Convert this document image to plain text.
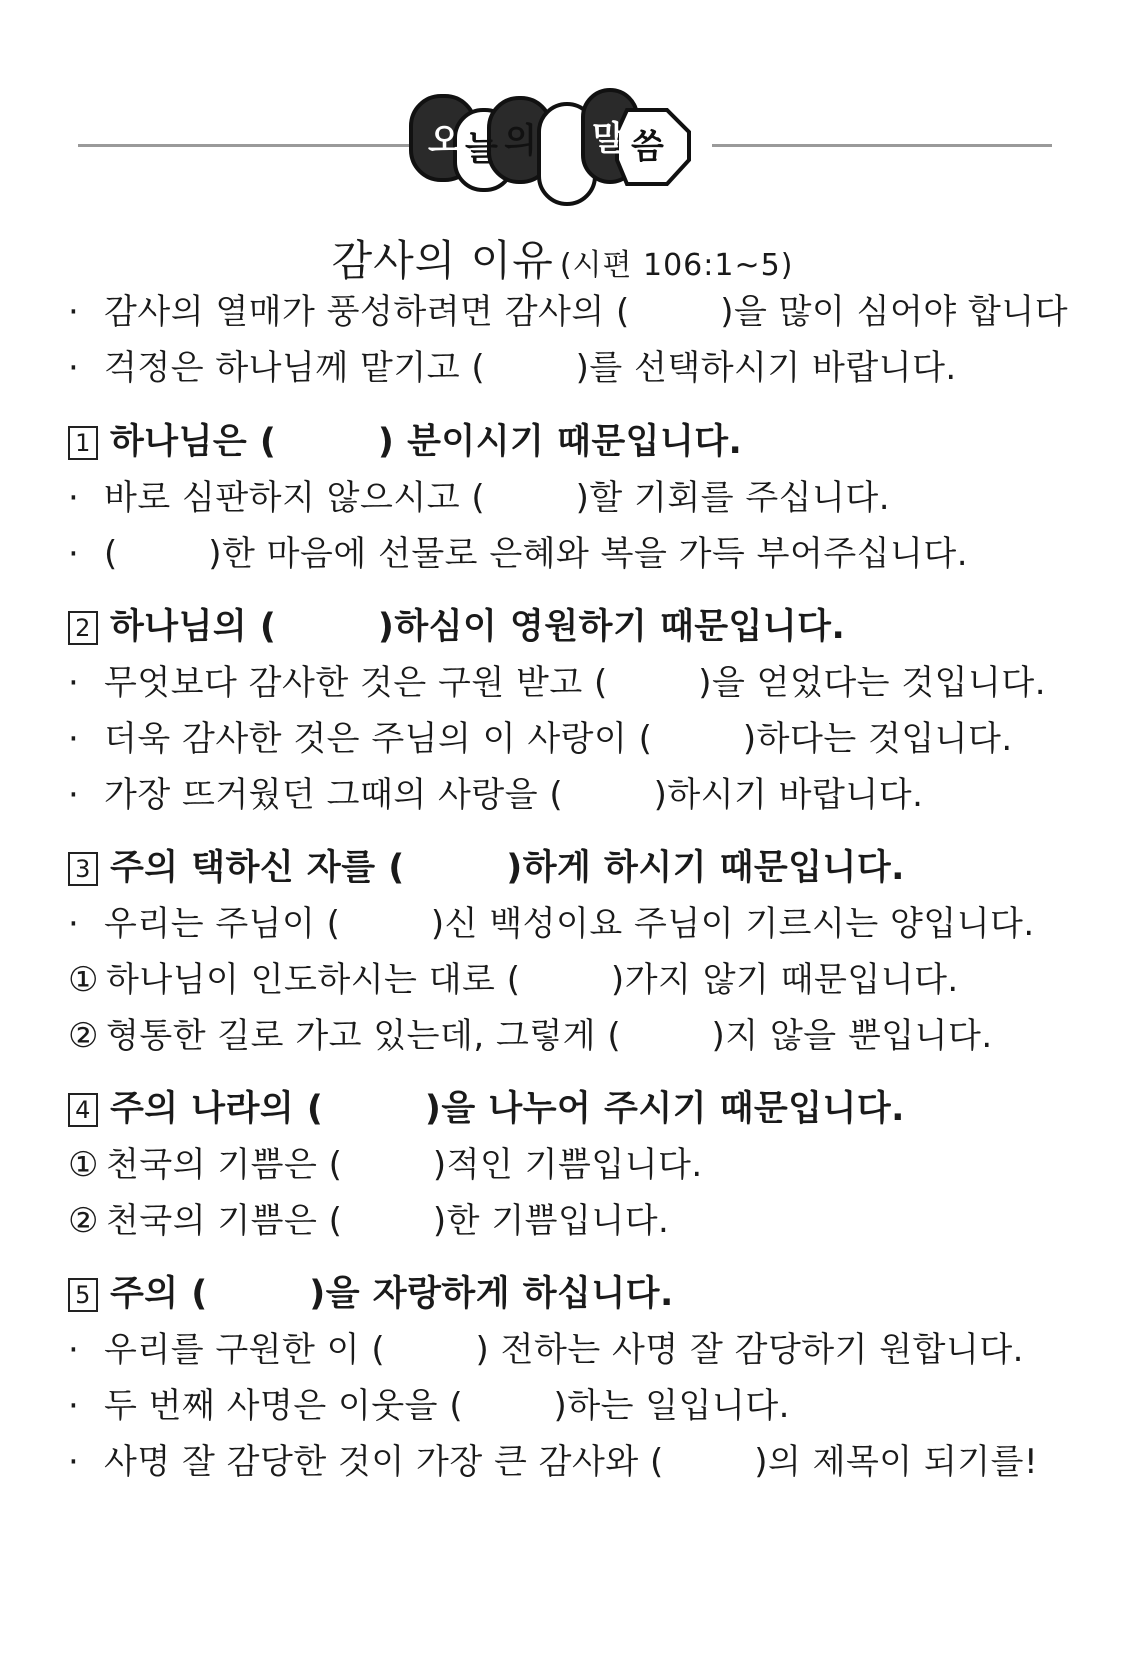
오 늘 의 말 씀
감사의 이유 (시편 106:1~5)
· 감사의 열매가 풍성하려면 감사의 (        )을 많이 심어야 합니다
· 걱정은 하나님께 맡기고 (        )를 선택하시기 바랍니다.
1 하나님은 (        ) 분이시기 때문입니다.
· 바로 심판하지 않으시고 (        )할 기회를 주십니다.
· (        )한 마음에 선물로 은혜와 복을 가득 부어주십니다.
2 하나님의 (        )하심이 영원하기 때문입니다.
· 무엇보다 감사한 것은 구원 받고 (        )을 얻었다는 것입니다.
· 더욱 감사한 것은 주님의 이 사랑이 (        )하다는 것입니다.
· 가장 뜨거웠던 그때의 사랑을 (        )하시기 바랍니다.
3 주의 택하신 자를 (        )하게 하시기 때문입니다.
· 우리는 주님이 (        )신 백성이요 주님이 기르시는 양입니다.
① 하나님이 인도하시는 대로 (        )가지 않기 때문입니다.
② 형통한 길로 가고 있는데, 그렇게 (        )지 않을 뿐입니다.
4 주의 나라의 (        )을 나누어 주시기 때문입니다.
① 천국의 기쁨은 (        )적인 기쁨입니다.
② 천국의 기쁨은 (        )한 기쁨입니다.
5 주의 (        )을 자랑하게 하십니다.
· 우리를 구원한 이 (        ) 전하는 사명 잘 감당하기 원합니다.
· 두 번째 사명은 이웃을 (        )하는 일입니다.
· 사명 잘 감당한 것이 가장 큰 감사와 (        )의 제목이 되기를!
